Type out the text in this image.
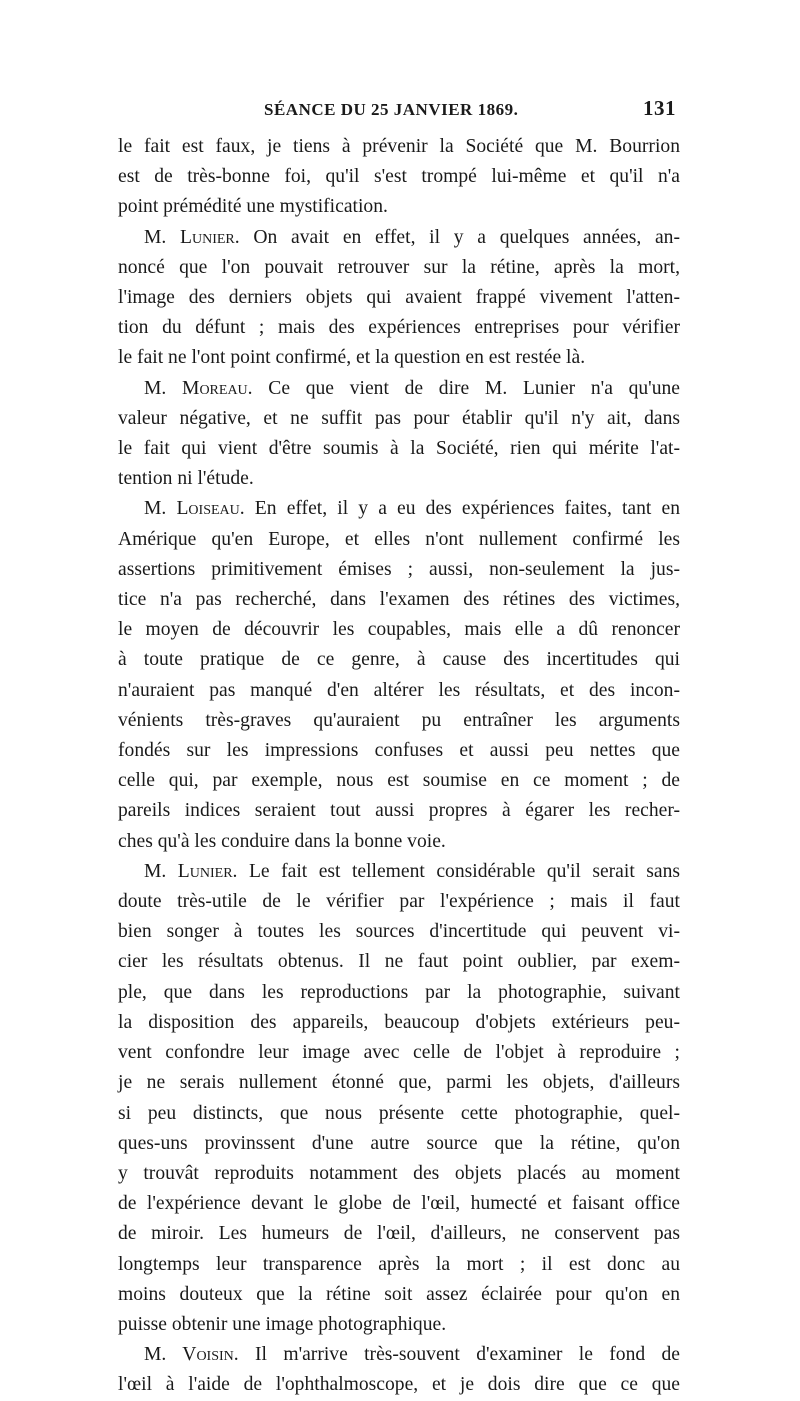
SÉANCE DU 25 JANVIER 1869.	131

le fait est faux, je tiens à prévenir la Société que M. Bourrion

est de très-bonne foi, qu'il s'est trompé lui-même et qu'il n'a

point prémédité une mystification.

M. Lunier. On avait en effet, il y a quelques années, an-

noncé que l'on pouvait retrouver sur la rétine, après la mort,

l'image des derniers objets qui avaient frappé vivement l'atten-

tion du défunt ; mais des expériences entreprises pour vérifier

le fait ne l'ont point confirmé, et la question en est restée là.

M. Moreau. Ce que vient de dire M. Lunier n'a qu'une

valeur négative, et ne suffit pas pour établir qu'il n'y ait, dans

le fait qui vient d'être soumis à la Société, rien qui mérite l'at-

tention ni l'étude.

M. Loiseau. En effet, il y a eu des expériences faites, tant en

Amérique qu'en Europe, et elles n'ont nullement confirmé les

assertions primitivement émises ; aussi, non-seulement la jus-

tice n'a pas recherché, dans l'examen des rétines des victimes,

le moyen de découvrir les coupables, mais elle a dû renoncer

à toute pratique de ce genre, à cause des incertitudes qui

n'auraient pas manqué d'en altérer les résultats, et des incon-

vénients très-graves qu'auraient pu entraîner les arguments

fondés sur les impressions confuses et aussi peu nettes que

celle qui, par exemple, nous est soumise en ce moment ; de

pareils indices seraient tout aussi propres à égarer les recher-

ches qu'à les conduire dans la bonne voie.

M. Lunier. Le fait est tellement considérable qu'il serait sans

doute très-utile de le vérifier par l'expérience ; mais il faut

bien songer à toutes les sources d'incertitude qui peuvent vi-

cier les résultats obtenus. Il ne faut point oublier, par exem-

ple, que dans les reproductions par la photographie, suivant

la disposition des appareils, beaucoup d'objets extérieurs peu-

vent confondre leur image avec celle de l'objet à reproduire ;

je ne serais nullement étonné que, parmi les objets, d'ailleurs

si peu distincts, que nous présente cette photographie, quel-

ques-uns provinssent d'une autre source que la rétine, qu'on

y trouvât reproduits notamment des objets placés au moment

de l'expérience devant le globe de l'œil, humecté et faisant office

de miroir. Les humeurs de l'œil, d'ailleurs, ne conservent pas

longtemps leur transparence après la mort ; il est donc au

moins douteux que la rétine soit assez éclairée pour qu'on en

puisse obtenir une image photographique.

M. Voisin. Il m'arrive très-souvent d'examiner le fond de

l'œil à l'aide de l'ophthalmoscope, et je dois dire que ce que
